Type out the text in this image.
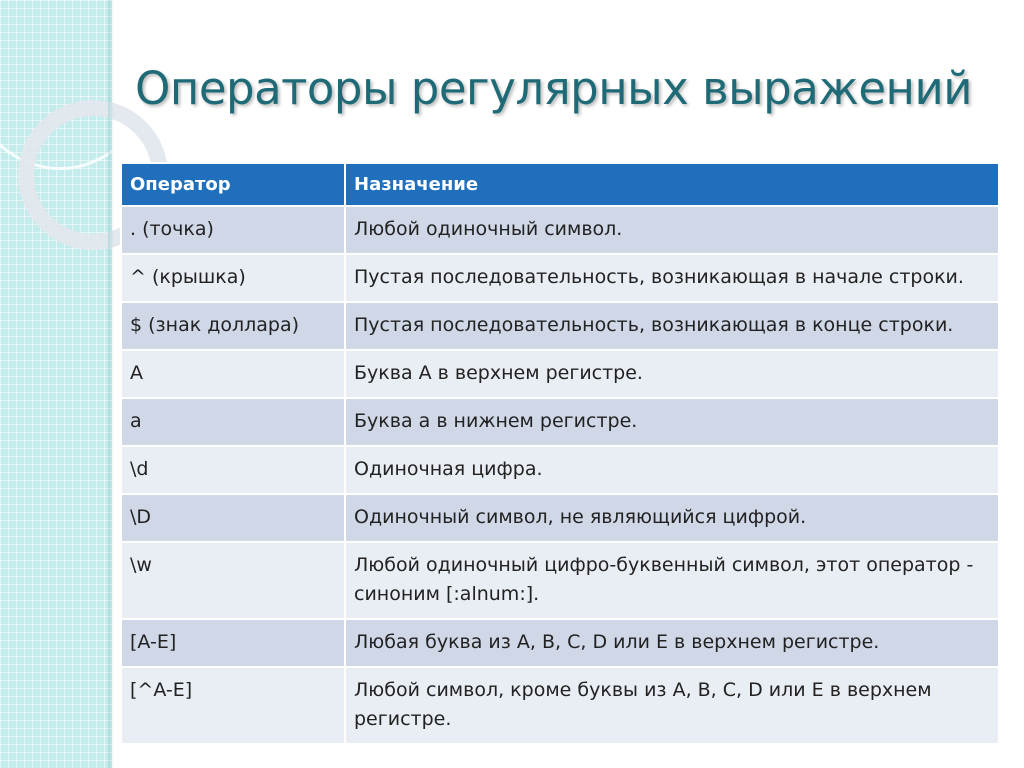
Операторы регулярных выражений
Оператор	Назначение
. (точка)	Любой одиночный символ.
^ (крышка)	Пустая последовательность, возникающая в начале строки.
$ (знак доллара)	Пустая последовательность, возникающая в конце строки.
A	Буква A в верхнем регистре.
a	Буква a в нижнем регистре.
\d	Одиночная цифра.
\D	Одиночный символ, не являющийся цифрой.
\w	Любой одиночный цифро-буквенный символ, этот оператор - синоним [:alnum:].
[A-E]	Любая буква из A, B, C, D или E в верхнем регистре.
[^A-E]	Любой символ, кроме буквы из A, B, C, D или E в верхнем регистре.
